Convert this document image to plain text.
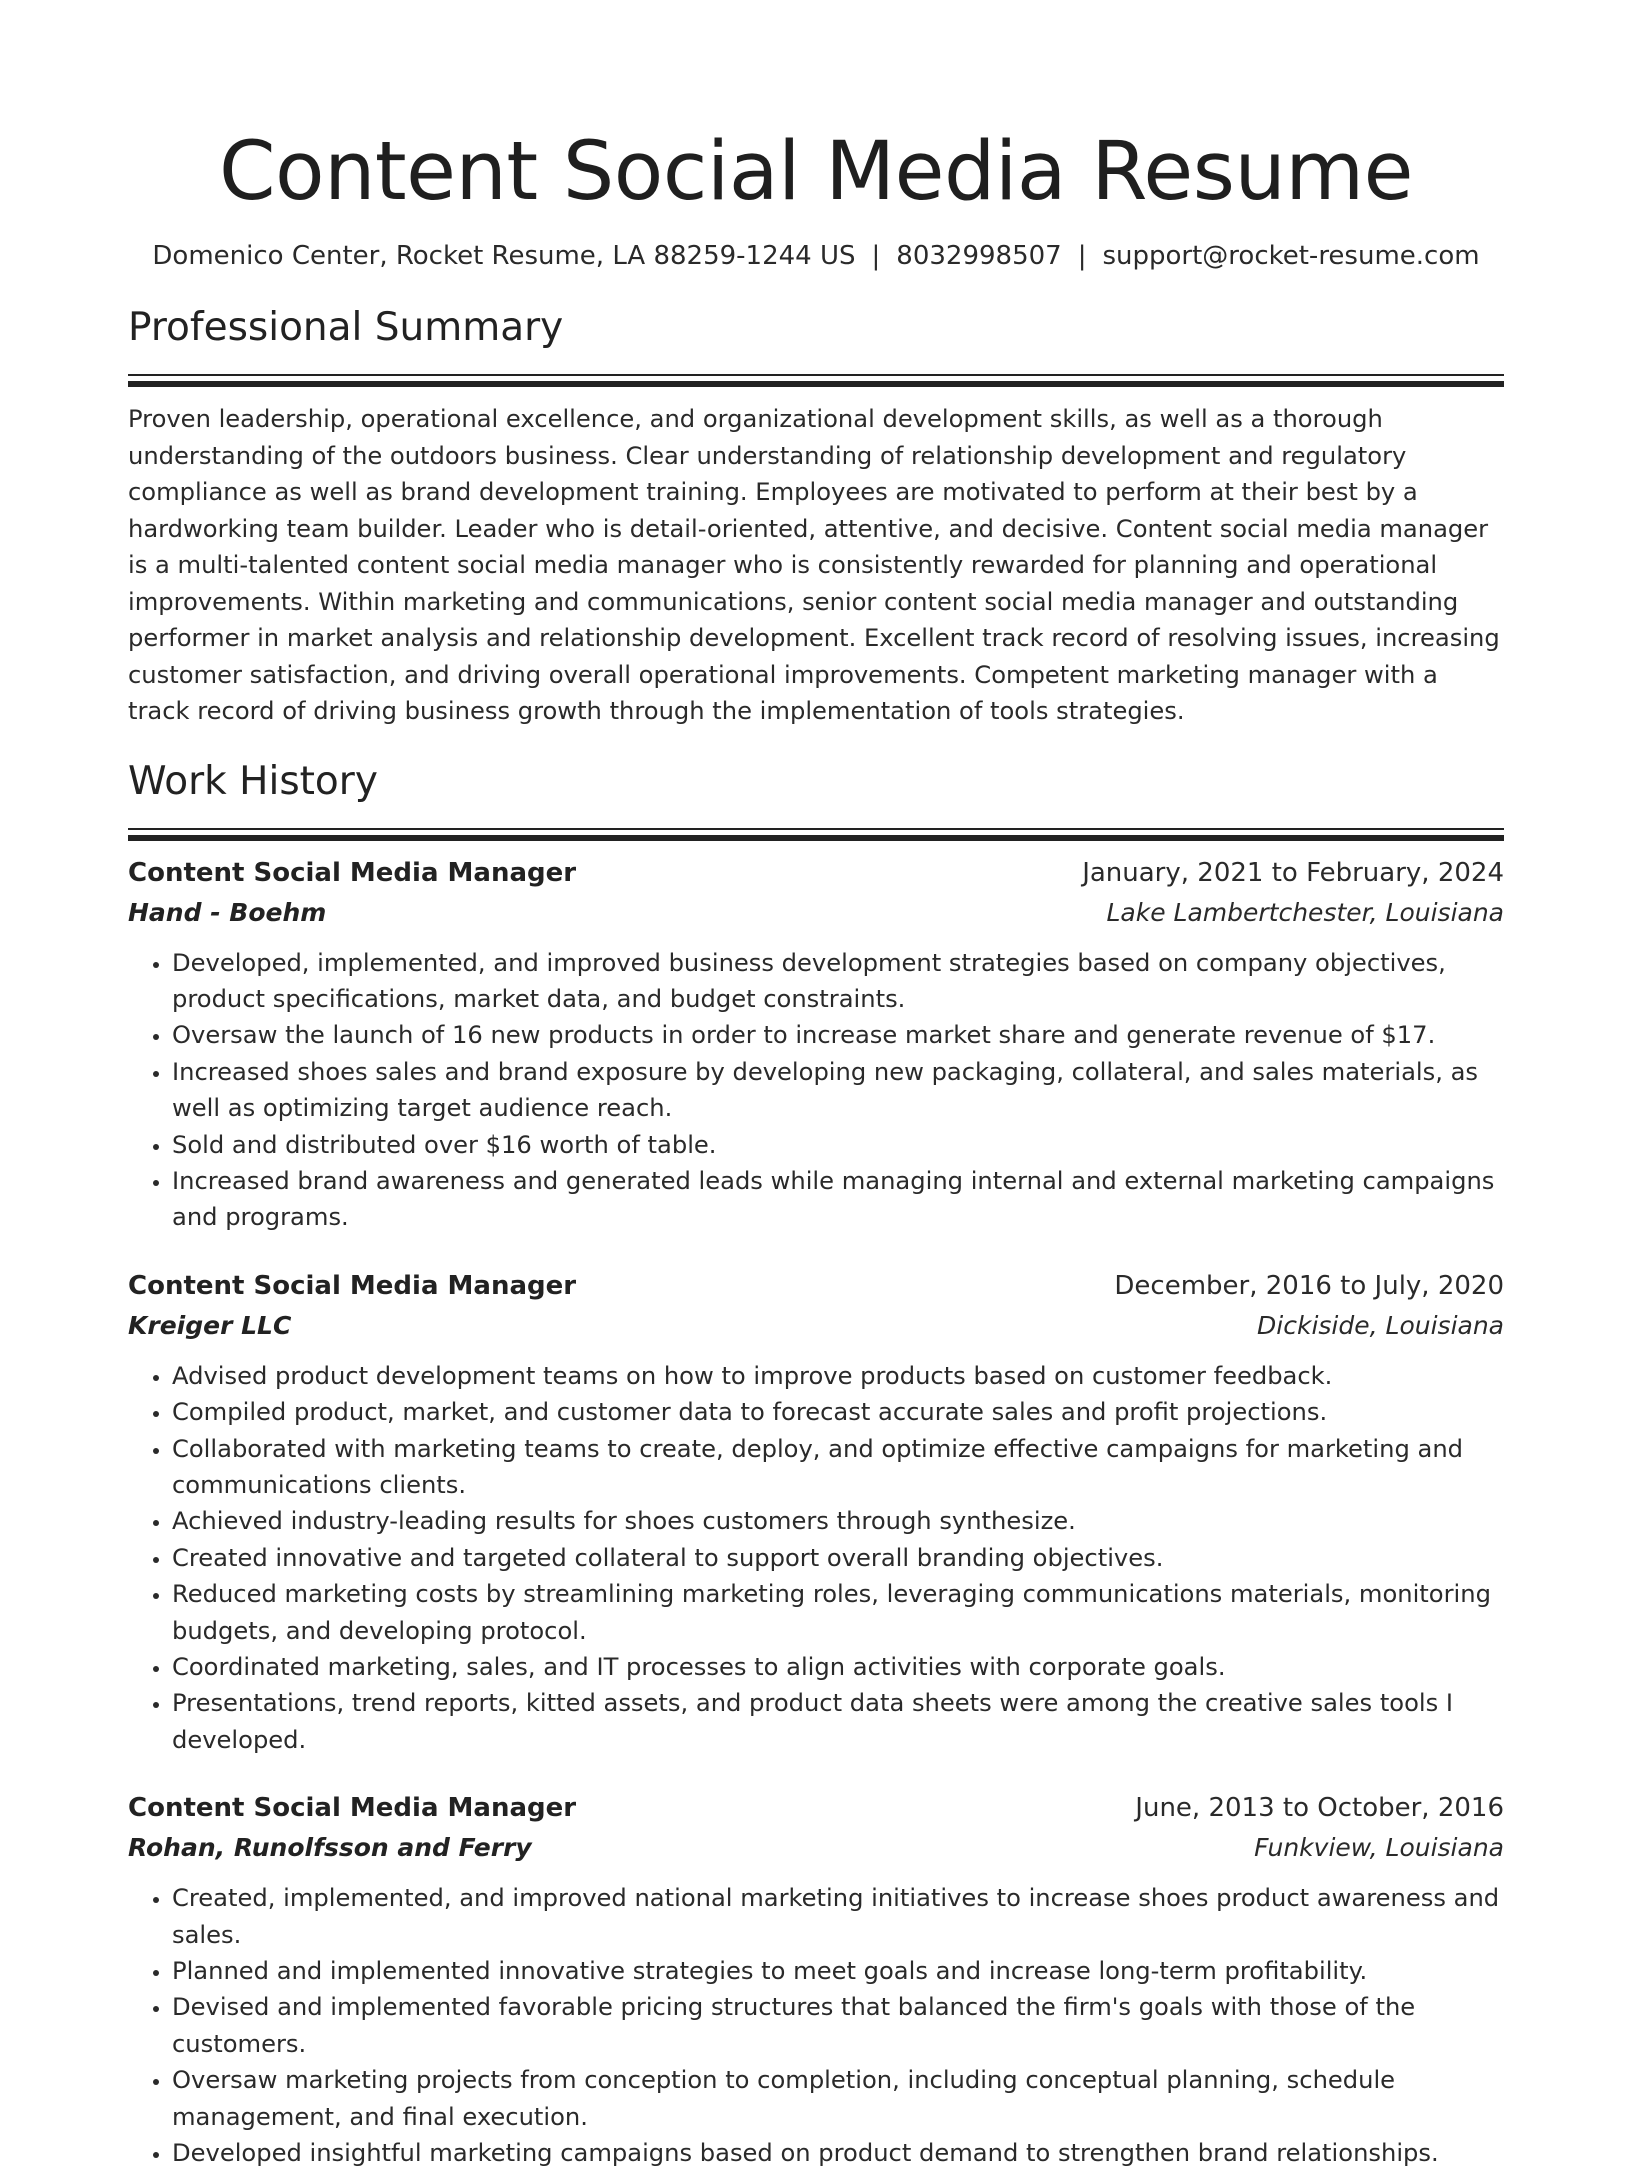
Content Social Media Resume
Domenico Center, Rocket Resume, LA 88259-1244 US | 8032998507 | support@rocket-resume.com
Professional Summary

Proven leadership, operational excellence, and organizational development skills, as well as a thorough understanding of the outdoors business. Clear understanding of relationship development and regulatory compliance as well as brand development training. Employees are motivated to perform at their best by a hardworking team builder. Leader who is detail-oriented, attentive, and decisive. Content social media manager is a multi-talented content social media manager who is consistently rewarded for planning and operational improvements. Within marketing and communications, senior content social media manager and outstanding performer in market analysis and relationship development. Excellent track record of resolving issues, increasing customer satisfaction, and driving overall operational improvements. Competent marketing manager with a track record of driving business growth through the implementation of tools strategies.

Work History
Content Social Media Manager	January, 2021 to February, 2024
Hand - Boehm	Lake Lambertchester, Louisiana
• Developed, implemented, and improved business development strategies based on company objectives, product specifications, market data, and budget constraints.
• Oversaw the launch of 16 new products in order to increase market share and generate revenue of $17.
• Increased shoes sales and brand exposure by developing new packaging, collateral, and sales materials, as well as optimizing target audience reach.
• Sold and distributed over $16 worth of table.
• Increased brand awareness and generated leads while managing internal and external marketing campaigns and programs.
Content Social Media Manager	December, 2016 to July, 2020
Kreiger LLC	Dickiside, Louisiana
• Advised product development teams on how to improve products based on customer feedback.
• Compiled product, market, and customer data to forecast accurate sales and profit projections.
• Collaborated with marketing teams to create, deploy, and optimize effective campaigns for marketing and communications clients.
• Achieved industry-leading results for shoes customers through synthesize.
• Created innovative and targeted collateral to support overall branding objectives.
• Reduced marketing costs by streamlining marketing roles, leveraging communications materials, monitoring budgets, and developing protocol.
• Coordinated marketing, sales, and IT processes to align activities with corporate goals.
• Presentations, trend reports, kitted assets, and product data sheets were among the creative sales tools I developed.
Content Social Media Manager	June, 2013 to October, 2016
Rohan, Runolfsson and Ferry	Funkview, Louisiana
• Created, implemented, and improved national marketing initiatives to increase shoes product awareness and sales.
• Planned and implemented innovative strategies to meet goals and increase long-term profitability.
• Devised and implemented favorable pricing structures that balanced the firm's goals with those of the customers.
• Oversaw marketing projects from conception to completion, including conceptual planning, schedule management, and final execution.
• Developed insightful marketing campaigns based on product demand to strengthen brand relationships.
